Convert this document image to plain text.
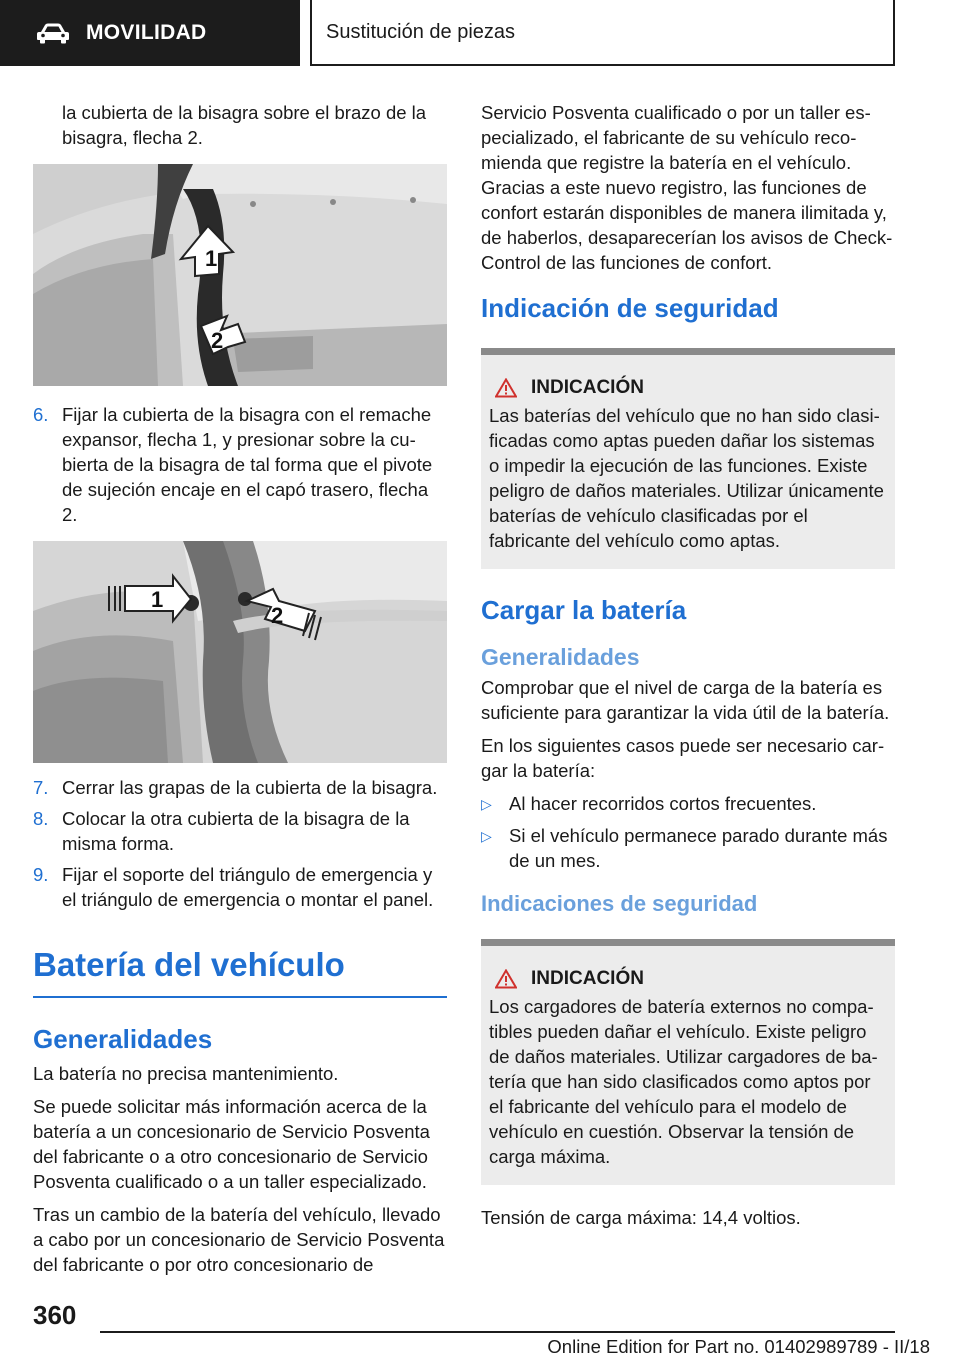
MOVILIDAD	Sustitución de piezas

la cubierta de la bisagra sobre el brazo de la bisagra, flecha 2.

1
2
6. Fijar la cubierta de la bisagra con el remache expansor, flecha 1, y presionar sobre la cubierta de la bisagra de tal forma que el pivote de sujeción encaje en el capó trasero, flecha 2.
1
2
7. Cerrar las grapas de la cubierta de la bisagra.
8. Colocar la otra cubierta de la bisagra de la misma forma.
9. Fijar el soporte del triángulo de emergencia y el triángulo de emergencia o montar el panel.
Batería del vehículo
Generalidades

La batería no precisa mantenimiento.

Se puede solicitar más información acerca de la batería a un concesionario de Servicio Posventa del fabricante o a otro concesionario de Servicio Posventa cualificado o a un taller especializado.

Tras un cambio de la batería del vehículo, llevado a cabo por un concesionario de Servicio Posventa del fabricante o por otro concesionario de

Servicio Posventa cualificado o por un taller especializado, el fabricante de su vehículo recomienda que registre la batería en el vehículo. Gracias a este nuevo registro, las funciones de confort estarán disponibles de manera ilimitada y, de haberlos, desaparecerían los avisos de Check-Control de las funciones de confort.

Indicación de seguridad
INDICACIÓN

Las baterías del vehículo que no han sido clasificadas como aptas pueden dañar los sistemas o impedir la ejecución de las funciones. Existe peligro de daños materiales. Utilizar únicamente baterías de vehículo clasificadas por el fabricante del vehículo como aptas.

Cargar la batería
Generalidades

Comprobar que el nivel de carga de la batería es suficiente para garantizar la vida útil de la batería.

En los siguientes casos puede ser necesario cargar la batería:

▷ Al hacer recorridos cortos frecuentes.
▷ Si el vehículo permanece parado durante más de un mes.
Indicaciones de seguridad
INDICACIÓN

Los cargadores de batería externos no compatibles pueden dañar el vehículo. Existe peligro de daños materiales. Utilizar cargadores de batería que han sido clasificados como aptos por el fabricante del vehículo para el modelo de vehículo en cuestión. Observar la tensión de carga máxima.

Tensión de carga máxima: 14,4 voltios.

360
Online Edition for Part no. 01402989789 - II/18
